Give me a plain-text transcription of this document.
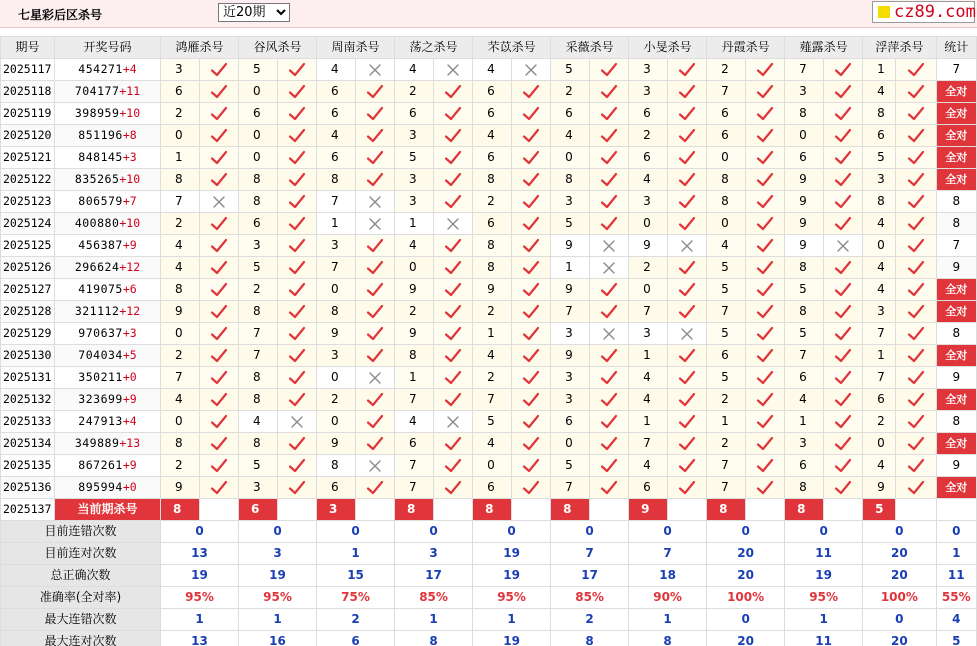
七星彩后区杀号
近20期	cz89.com
期号	开奖号码	鸿雁杀号		谷风杀号		周南杀号		荡之杀号		芣苡杀号		采薇杀号		小旻杀号		丹霞杀号		薤露杀号		浮萍杀号		统计
2025117	454271+4	3		5		4		4		4		5		3		2		7		1		7
2025118	704177+11	6		0		6		2		6		2		3		7		3		4		全对
2025119	398959+10	2		6		6		6		6		6		6		6		8		8		全对
2025120	851196+8	0		0		4		3		4		4		2		6		0		6		全对
2025121	848145+3	1		0		6		5		6		0		6		0		6		5		全对
2025122	835265+10	8		8		8		3		8		8		4		8		9		3		全对
2025123	806579+7	7		8		7		3		2		3		3		8		9		8		8
2025124	400880+10	2		6		1		1		6		5		0		0		9		4		8
2025125	456387+9	4		3		3		4		8		9		9		4		9		0		7
2025126	296624+12	4		5		7		0		8		1		2		5		8		4		9
2025127	419075+6	8		2		0		9		9		9		0		5		5		4		全对
2025128	321112+12	9		8		8		2		2		7		7		7		8		3		全对
2025129	970637+3	0		7		9		9		1		3		3		5		5		7		8
2025130	704034+5	2		7		3		8		4		9		1		6		7		1		全对
2025131	350211+0	7		8		0		1		2		3		4		5		6		7		9
2025132	323699+9	4		8		2		7		7		3		4		2		4		6		全对
2025133	247913+4	0		4		0		4		5		6		1		1		1		2		8
2025134	349889+13	8		8		9		6		4		0		7		2		3		0		全对
2025135	867261+9	2		5		8		7		0		5		4		7		6		4		9
2025136	895994+0	9		3		6		7		6		7		6		7		8		9		全对
2025137	当前期杀号	8		6		3		8		8		8		9		8		8		5		
目前连错次数		0		0		0		0		0		0		0		0		0		0		0
目前连对次数		13		3		1		3		19		7		7		20		11		20		1
总正确次数		19		19		15		17		19		17		18		20		19		20		11
准确率(全对率)		95%		95%		75%		85%		95%		85%		90%		100%		95%		100%		55%
最大连错次数		1		1		2		1		1		2		1		0		1		0		4
最大连对次数		13		16		6		8		19		8		8		20		11		20		5
